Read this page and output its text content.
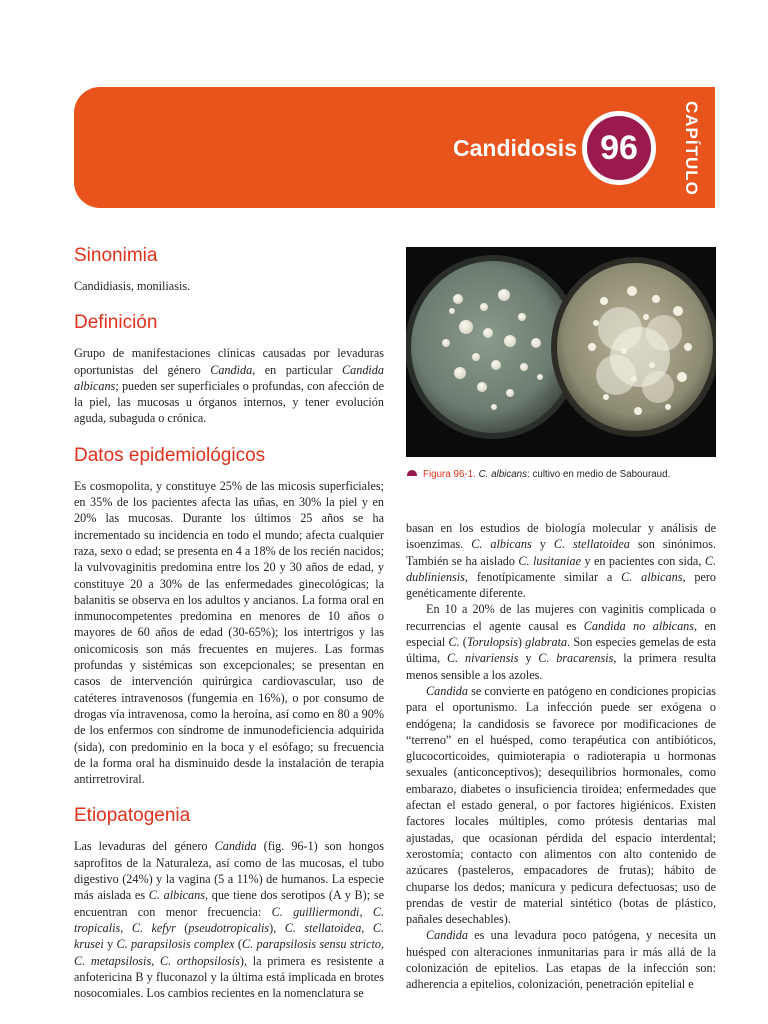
Candidosis 96	CAPÍTULO
Sinonimia

Candidiasis, moniliasis.

Definición

Grupo de manifestaciones clínicas causadas por levaduras oportunistas del género Candida, en particular Candida albicans; pueden ser superficiales o profundas, con afección de la piel, las mucosas u órganos internos, y tener evolución aguda, subaguda o crónica.

Datos epidemiológicos

Es cosmopolita, y constituye 25% de las micosis superficiales; en 35% de los pacientes afecta las uñas, en 30% la piel y en 20% las mucosas. Durante los últimos 25 años se ha incrementado su incidencia en todo el mundo; afecta cualquier raza, sexo o edad; se presenta en 4 a 18% de los recién nacidos; la vulvovaginitis predomina entre los 20 y 30 años de edad, y constituye 20 a 30% de las enfermedades ginecológicas; la balanitis se observa en los adultos y ancianos. La forma oral en inmunocompetentes predomina en menores de 10 años o mayores de 60 años de edad (30-65%); los intertrigos y las onicomicosis son más frecuentes en mujeres. Las formas profundas y sistémicas son excepcionales; se presentan en casos de intervención quirúrgica cardiovascular, uso de catéteres intravenosos (fungemia en 16%), o por consumo de drogas vía intravenosa, como la heroína, así como en 80 a 90% de los enfermos con síndrome de inmunodeficiencia adquirida (sida), con predominio en la boca y el esófago; su frecuencia de la forma oral ha disminuido desde la instalación de terapia antirretroviral.

Etiopatogenia

Las levaduras del género Candida (fig. 96-1) son hongos saprofitos de la Naturaleza, así como de las mucosas, el tubo digestivo (24%) y la vagina (5 a 11%) de humanos. La especie más aislada es C. albicans, que tiene dos serotipos (A y B); se encuentran con menor frecuencia: C. guilliermondi, C. tropicalis, C. kefyr (pseudotropicalis), C. stellatoidea, C. krusei y C. parapsilosis complex (C. parapsilosis sensu stricto, C. metapsilosis, C. orthopsilosis), la primera es resistente a anfotericina B y fluconazol y la última está implicada en brotes nosocomiales. Los cambios recientes en la nomenclatura se

Figura 96-1. C. albicans: cultivo en medio de Sabouraud.

basan en los estudios de biología molecular y análisis de isoenzimas. C. albicans y C. stellatoidea son sinónimos. También se ha aislado C. lusitaniae y en pacientes con sida, C. dubliniensis, fenotípicamente similar a C. albicans, pero genéticamente diferente.

En 10 a 20% de las mujeres con vaginitis complicada o recurrencias el agente causal es Candida no albicans, en especial C. (Torulopsis) glabrata. Son especies gemelas de esta última, C. nivariensis y C. bracarensis, la primera resulta menos sensible a los azoles.

Candida se convierte en patógeno en condiciones propicias para el oportunismo. La infección puede ser exógena o endógena; la candidosis se favorece por modificaciones de “terreno” en el huésped, como terapéutica con antibióticos, glucocorticoides, quimioterapia o radioterapia u hormonas sexuales (anticonceptivos); desequilibrios hormonales, como embarazo, diabetes o insuficiencia tiroidea; enfermedades que afectan el estado general, o por factores higiénicos. Existen factores locales múltiples, como prótesis dentarias mal ajustadas, que ocasionan pérdida del espacio interdental; xerostomía; contacto con alimentos con alto contenido de azúcares (pasteleros, empacadores de frutas); hábito de chuparse los dedos; manicura y pedicura defectuosas; uso de prendas de vestir de material sintético (botas de plástico, pañales desechables).

Candida es una levadura poco patógena, y necesita un huésped con alteraciones inmunitarias para ir más allá de la colonización de epitelios. Las etapas de la infección son: adherencia a epitelios, colonización, penetración epitelial e
